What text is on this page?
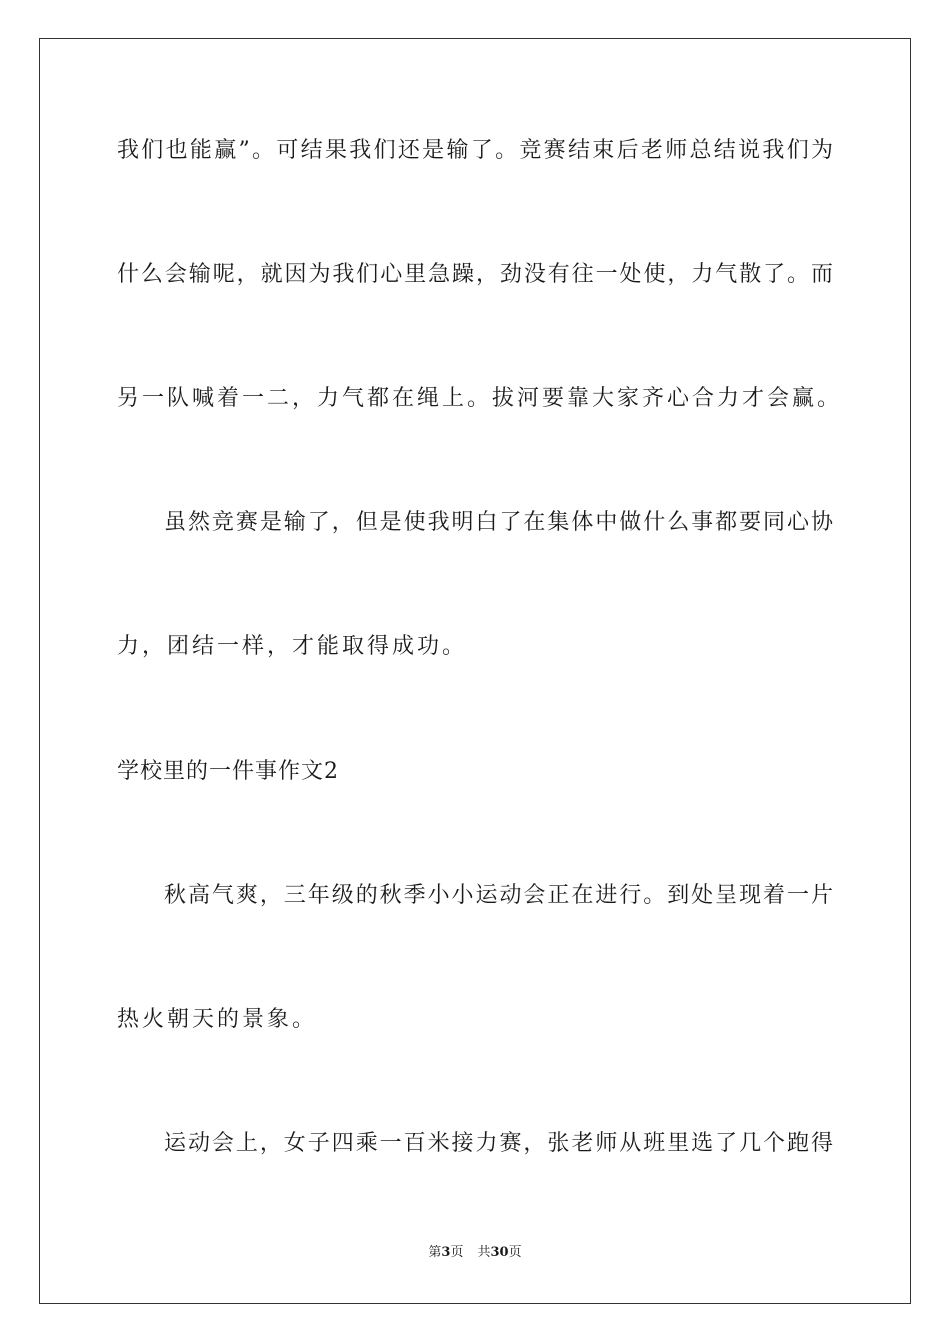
我们也能赢”。可结果我们还是输了。竞赛结束后老师总结说我们为
什么会输呢，就因为我们心里急躁，劲没有往一处使，力气散了。而
另一队喊着一二，力气都在绳上。拔河要靠大家齐心合力才会赢。
虽然竞赛是输了，但是使我明白了在集体中做什么事都要同心协
力，团结一样，才能取得成功。
学校里的一件事作文2
秋高气爽，三年级的秋季小小运动会正在进行。到处呈现着一片
热火朝天的景象。
运动会上，女子四乘一百米接力赛，张老师从班里选了几个跑得
第3页 共30页
